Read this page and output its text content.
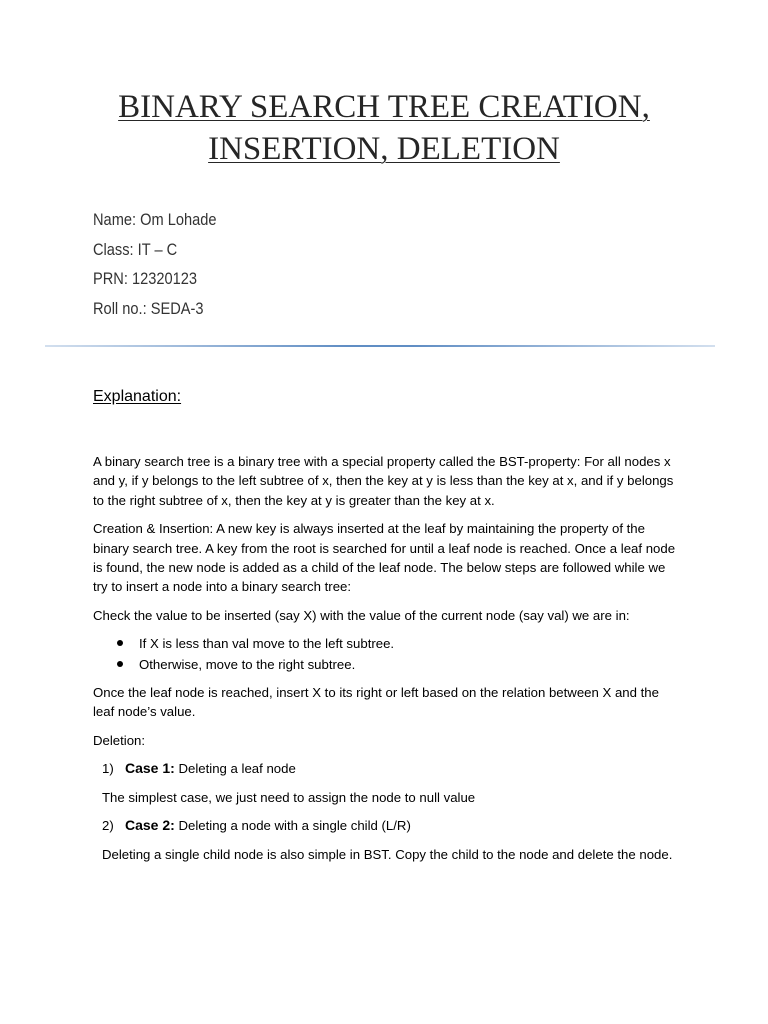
BINARY SEARCH TREE CREATION,
INSERTION, DELETION
Name: Om Lohade
Class: IT – C
PRN: 12320123
Roll no.: SEDA-3
Explanation:

A binary search tree is a binary tree with a special property called the BST-property: For all nodes x and y, if y belongs to the left subtree of x, then the key at y is less than the key at x, and if y belongs to the right subtree of x, then the key at y is greater than the key at x.

Creation & Insertion: A new key is always inserted at the leaf by maintaining the property of the binary search tree. A key from the root is searched for until a leaf node is reached. Once a leaf node is found, the new node is added as a child of the leaf node. The below steps are followed while we try to insert a node into a binary search tree:

Check the value to be inserted (say X) with the value of the current node (say val) we are in:

If X is less than val move to the left subtree.
Otherwise, move to the right subtree.

Once the leaf node is reached, insert X to its right or left based on the relation between X and the leaf node’s value.

Deletion:

1) Case 1: Deleting a leaf node

The simplest case, we just need to assign the node to null value

2) Case 2: Deleting a node with a single child (L/R)

Deleting a single child node is also simple in BST. Copy the child to the node and delete the node.
